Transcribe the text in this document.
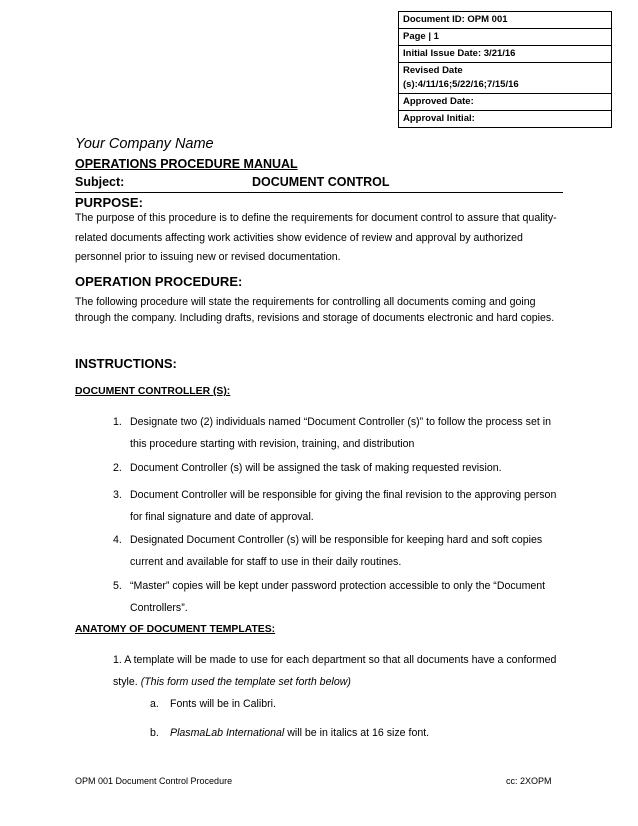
Document ID: OPM 001
Page | 1
Initial Issue Date: 3/21/16
Revised Date
(s):4/11/16;5/22/16;7/15/16
Approved Date:
Approval Initial:
Your Company Name
OPERATIONS PROCEDURE MANUAL
Subject:	DOCUMENT CONTROL
PURPOSE:
The purpose of this procedure is to define the requirements for document control to assure that quality-related documents affecting work activities show evidence of review and approval by authorized personnel prior to issuing new or revised documentation.
OPERATION PROCEDURE:
The following procedure will state the requirements for controlling all documents coming and going through the company. Including drafts, revisions and storage of documents electronic and hard copies.
INSTRUCTIONS:
DOCUMENT CONTROLLER (S):
1. Designate two (2) individuals named “Document Controller (s)” to follow the process set in this procedure starting with revision, training, and distribution
2. Document Controller (s) will be assigned the task of making requested revision.
3. Document Controller will be responsible for giving the final revision to the approving person for final signature and date of approval.
4. Designated Document Controller (s) will be responsible for keeping hard and soft copies current and available for staff to use in their daily routines.
5. “Master” copies will be kept under password protection accessible to only the “Document Controllers”.
ANATOMY OF DOCUMENT TEMPLATES:
1. A template will be made to use for each department so that all documents have a conformed style. (This form used the template set forth below)
a. Fonts will be in Calibri.
b. PlasmaLab International will be in italics at 16 size font.
OPM 001 Document Control Procedure	cc: 2XOPM
